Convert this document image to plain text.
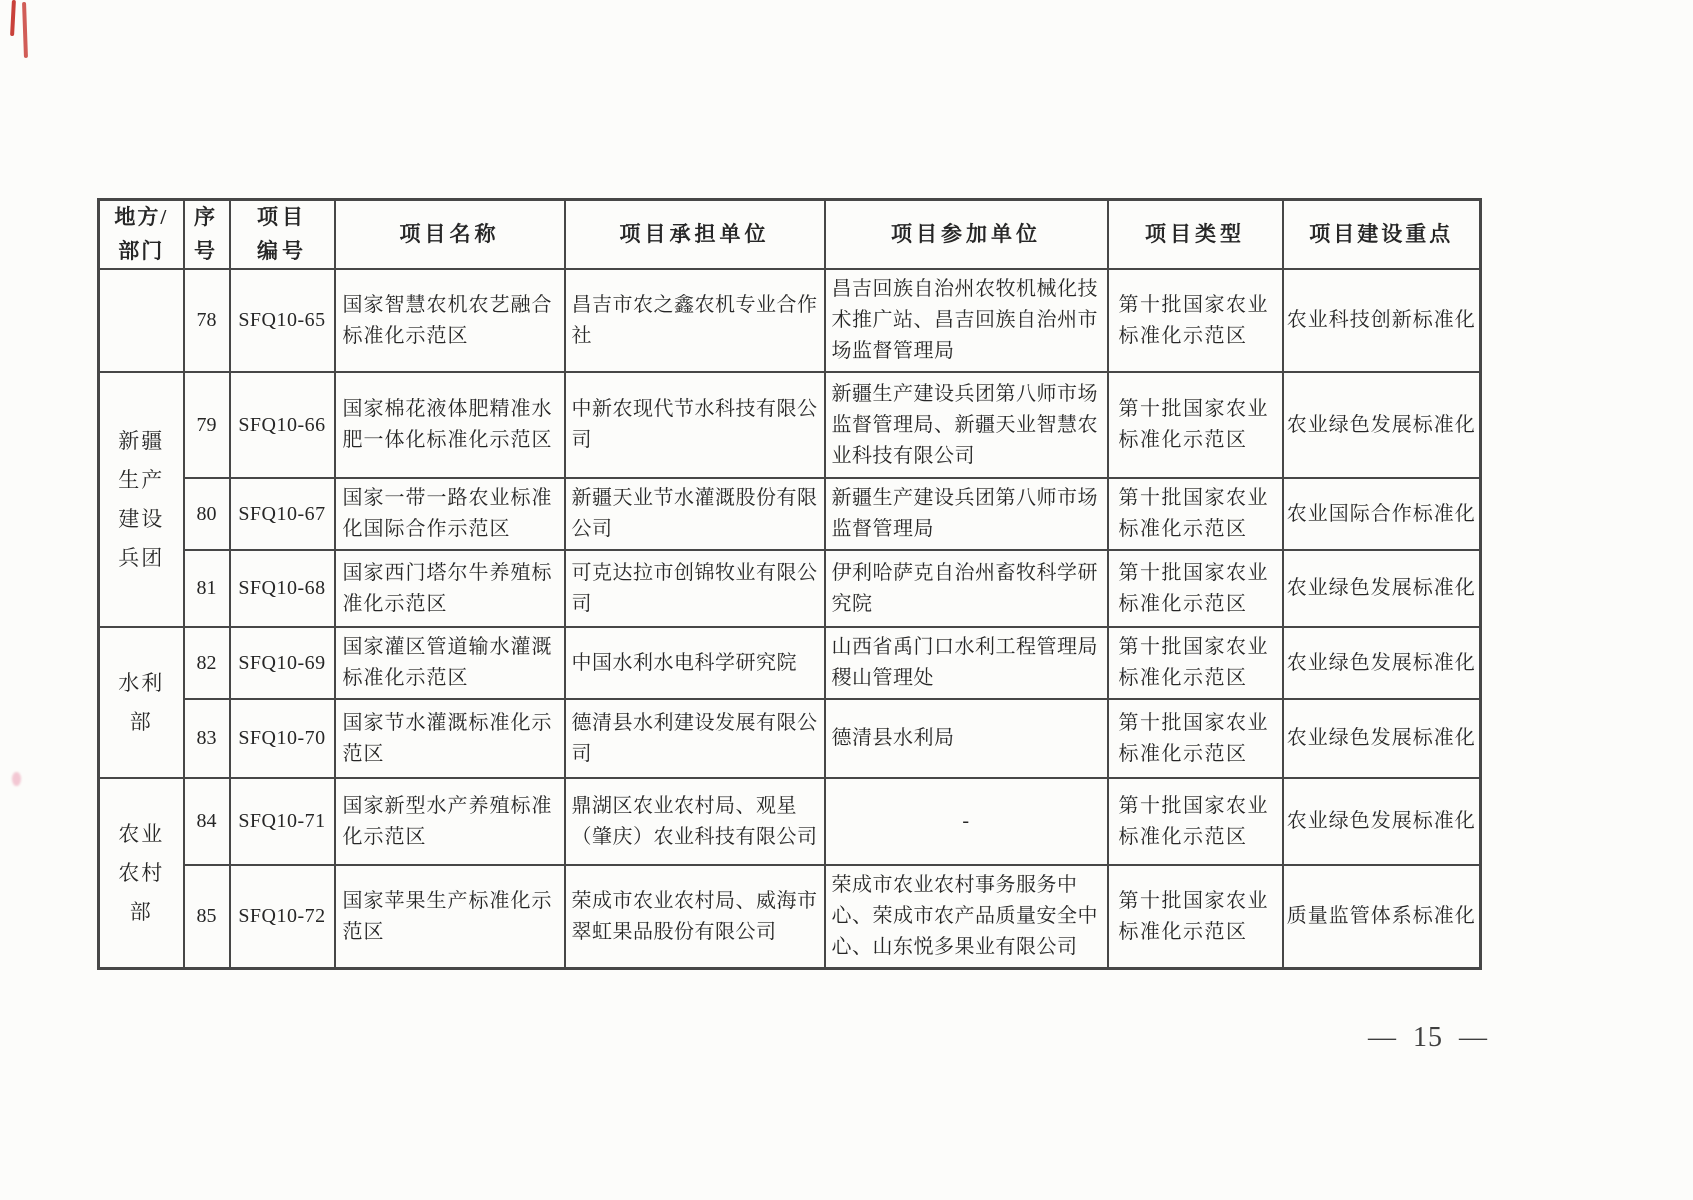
地方/部门	序号	项目编号	项目名称	项目承担单位	项目参加单位	项目类型	项目建设重点
	78	SFQ10-65	国家智慧农机农艺融合标准化示范区	昌吉市农之鑫农机专业合作社	昌吉回族自治州农牧机械化技术推广站、昌吉回族自治州市场监督管理局	第十批国家农业标准化示范区	农业科技创新标准化
新疆生产建设兵团	79	SFQ10-66	国家棉花液体肥精准水肥一体化标准化示范区	中新农现代节水科技有限公司	新疆生产建设兵团第八师市场监督管理局、新疆天业智慧农业科技有限公司	第十批国家农业标准化示范区	农业绿色发展标准化
	80	SFQ10-67	国家一带一路农业标准化国际合作示范区	新疆天业节水灌溉股份有限公司	新疆生产建设兵团第八师市场监督管理局	第十批国家农业标准化示范区	农业国际合作标准化
	81	SFQ10-68	国家西门塔尔牛养殖标准化示范区	可克达拉市创锦牧业有限公司	伊利哈萨克自治州畜牧科学研究院	第十批国家农业标准化示范区	农业绿色发展标准化
水利部	82	SFQ10-69	国家灌区管道输水灌溉标准化示范区	中国水利水电科学研究院	山西省禹门口水利工程管理局稷山管理处	第十批国家农业标准化示范区	农业绿色发展标准化
	83	SFQ10-70	国家节水灌溉标准化示范区	德清县水利建设发展有限公司	德清县水利局	第十批国家农业标准化示范区	农业绿色发展标准化
农业农村部	84	SFQ10-71	国家新型水产养殖标准化示范区	鼎湖区农业农村局、观星（肇庆）农业科技有限公司	-	第十批国家农业标准化示范区	农业绿色发展标准化
	85	SFQ10-72	国家苹果生产标准化示范区	荣成市农业农村局、威海市翠虹果品股份有限公司	荣成市农业农村事务服务中心、荣成市农产品质量安全中心、山东悦多果业有限公司	第十批国家农业标准化示范区	质量监管体系标准化
— 15 —
